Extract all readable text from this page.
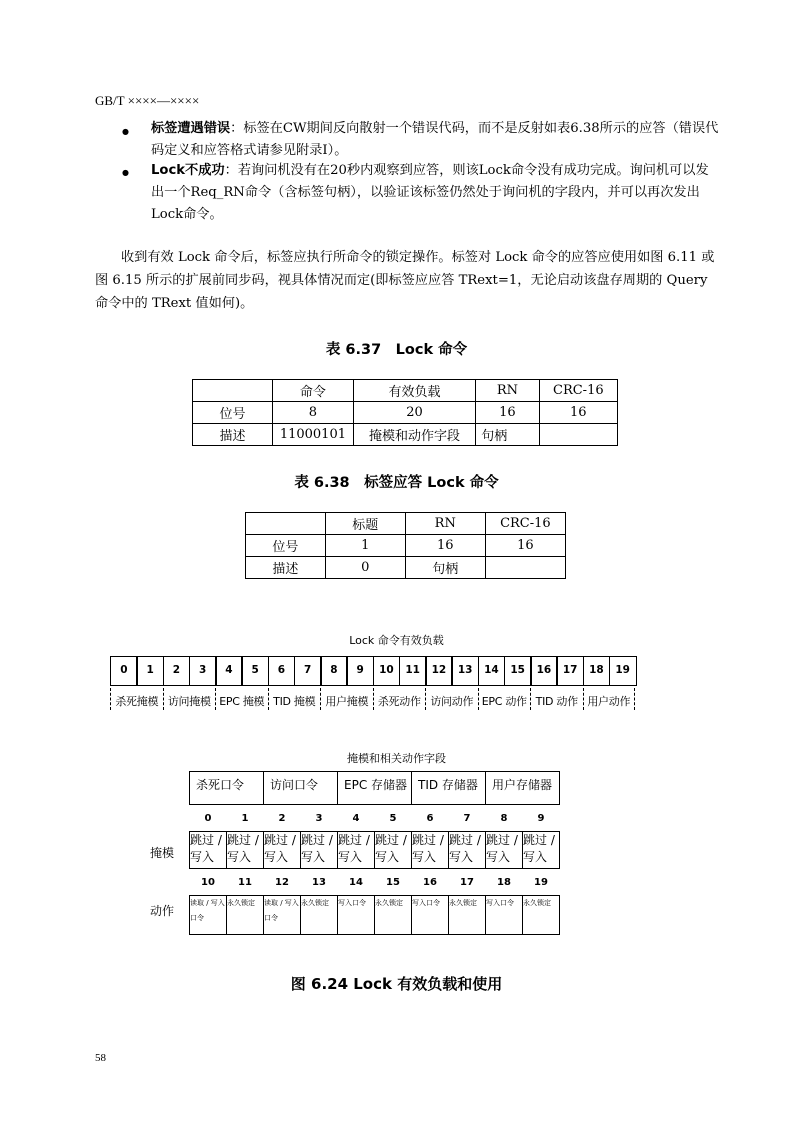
GB/T ××××—××××
● 标签遭遇错误：标签在CW期间反向散射一个错误代码，而不是反射如表6.38所示的应答（错误代码定义和应答格式请参见附录I）。
● Lock不成功：若询问机没有在20秒内观察到应答，则该Lock命令没有成功完成。询问机可以发出一个Req_RN命令（含标签句柄），以验证该标签仍然处于询问机的字段内，并可以再次发出Lock命令。
收到有效 Lock 命令后，标签应执行所命令的锁定操作。标签对 Lock 命令的应答应使用如图 6.11 或图 6.15 所示的扩展前同步码，视具体情况而定(即标签应应答 TRext=1，无论启动该盘存周期的 Query 命令中的 TRext 值如何)。
表 6.37　Lock 命令
	命令	有效负载	RN	CRC-16
位号	8	20	16	16
描述	11000101	掩模和动作字段	句柄	
表 6.38　标签应答 Lock 命令
	标题	RN	CRC-16
位号	1	16	16
描述	0	句柄	
Lock 命令有效负载
0	1	2	3	4	5	6	7	8	9	10	11	12	13	14	15	16	17	18	19
杀死掩模 访问掩模 EPC 掩模 TID 掩模 用户掩模 杀死动作 访问动作 EPC 动作 TID 动作 用户动作
掩模和相关动作字段
掩模
动作
杀死口令		访问口令		EPC 存储器		TID 存储器		用户存储器	
0	1	2	3	4	5	6	7	8	9
跳过 / 写入	跳过 / 写入	跳过 / 写入	跳过 / 写入	跳过 / 写入	跳过 / 写入	跳过 / 写入	跳过 / 写入	跳过 / 写入	跳过 / 写入
10	11	12	13	14	15	16	17	18	19
读取 / 写入口令	永久锁定	读取 / 写入口令	永久锁定	写入口令	永久锁定	写入口令	永久锁定	写入口令	永久锁定
图 6.24 Lock 有效负载和使用
58
